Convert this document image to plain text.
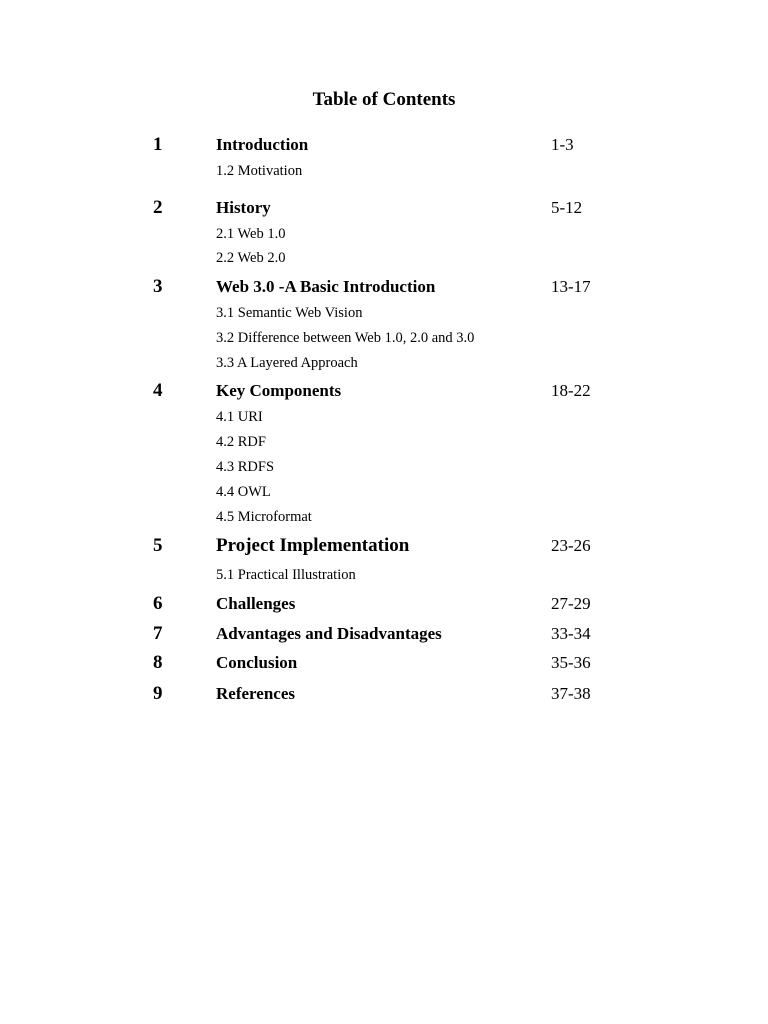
Table of Contents
1	Introduction	1-3
1.2 Motivation
2	History	5-12
2.1 Web 1.0
2.2 Web 2.0
3	Web 3.0 -A Basic Introduction	13-17
3.1 Semantic Web Vision
3.2 Difference between Web 1.0, 2.0 and 3.0
3.3 A Layered Approach
4	Key Components	18-22
4.1 URI
4.2 RDF
4.3 RDFS
4.4 OWL
4.5 Microformat
5	Project Implementation	23-26
5.1 Practical Illustration
6	Challenges	27-29
7	Advantages and Disadvantages	33-34
8	Conclusion	35-36
9	References	37-38
